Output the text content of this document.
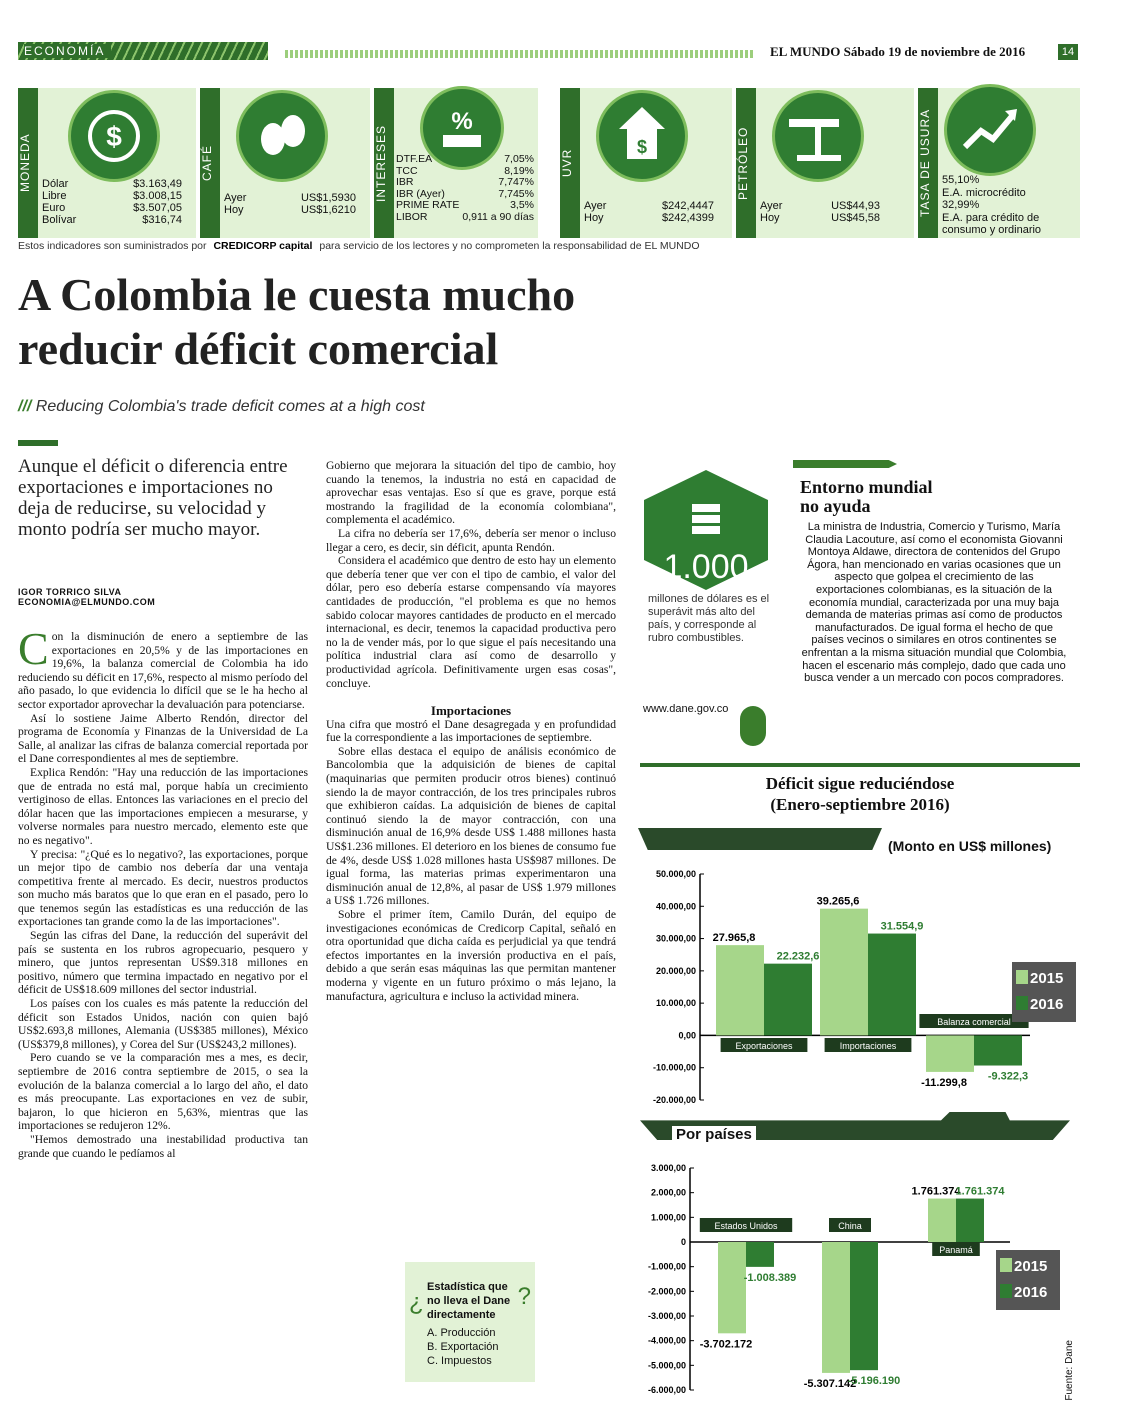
ECONOMÍA	EL MUNDO Sábado 19 de noviembre de 2016	14
MONEDA	$
Dólar	$3.163,49
Libre	$3.008,15
Euro	$3.507,05
Bolívar	$316,74
CAFÉ
Ayer	US$1,5930
Hoy	US$1,6210
INTERESES
%
DTF.EA	7,05%
TCC	8,19%
IBR	7,747%
IBR (Ayer)	7,745%
PRIME RATE	3,5%
LIBOR	0,911 a 90 días
UVR
$
Ayer	$242,4447
Hoy	$242,4399
PETRÓLEO
Ayer	US$44,93
Hoy	US$45,58
TASA DE USURA 55,10%
E.A. microcrédito
32,99%
E.A. para crédito de
consumo y ordinario
Estos indicadores son suministrados por CREDICORP capital para servicio de los lectores y no comprometen la responsabilidad de EL MUNDO
A Colombia le cuesta mucho
reducir déficit comercial
/// Reducing Colombia's trade deficit comes at a high cost
Aunque el déficit o diferencia entre exportaciones e importaciones no deja de reducirse, su velocidad y monto podría ser mucho mayor.
IGOR TORRICO SILVA
ECONOMIA@ELMUNDO.COM

Con la disminución de enero a septiembre de las exportaciones en 20,5% y de las importaciones en 19,6%, la balanza comercial de Colombia ha ido reduciendo su déficit en 17,6%, respecto al mismo período del año pasado, lo que evidencia lo difícil que se le ha hecho al sector exportador aprovechar la devaluación para potenciarse.

Así lo sostiene Jaime Alberto Rendón, director del programa de Economía y Finanzas de la Universidad de La Salle, al analizar las cifras de balanza comercial reportada por el Dane correspondientes al mes de septiembre.

Explica Rendón: "Hay una reducción de las importaciones que de entrada no está mal, porque había un crecimiento vertiginoso de ellas. Entonces las variaciones en el precio del dólar hacen que las importaciones empiecen a mesurarse, y volverse normales para nuestro mercado, elemento este que no es negativo".

Y precisa: "¿Qué es lo negativo?, las exportaciones, porque un mejor tipo de cambio nos debería dar una ventaja competitiva frente al mercado. Es decir, nuestros productos son mucho más baratos que lo que eran en el pasado, pero lo que tenemos según las estadísticas es una reducción de las exportaciones tan grande como la de las importaciones".

Según las cifras del Dane, la reducción del superávit del país se sustenta en los rubros agropecuario, pesquero y minero, que juntos representan US$9.318 millones en positivo, número que termina impactado en negativo por el déficit de US$18.609 millones del sector industrial.

Los países con los cuales es más patente la reducción del déficit son Estados Unidos, nación con quien bajó US$2.693,8 millones, Alemania (US$385 millones), México (US$379,8 millones), y Corea del Sur (US$243,2 millones).

Pero cuando se ve la comparación mes a mes, es decir, septiembre de 2016 contra septiembre de 2015, o sea la evolución de la balanza comercial a lo largo del año, el dato es más preocupante. Las exportaciones en vez de subir, bajaron, lo que hicieron en 5,63%, mientras que las importaciones se redujeron 12%.

"Hemos demostrado una inestabilidad productiva tan grande que cuando le pedíamos al

Gobierno que mejorara la situación del tipo de cambio, hoy cuando la tenemos, la industria no está en capacidad de aprovechar esas ventajas. Eso sí que es grave, porque está mostrando la fragilidad de la economía colombiana", complementa el académico.

La cifra no debería ser 17,6%, debería ser menor o incluso llegar a cero, es decir, sin déficit, apunta Rendón.

Considera el académico que dentro de esto hay un elemento que debería tener que ver con el tipo de cambio, el valor del dólar, pero eso debería estarse compensando vía mayores cantidades de producción, "el problema es que no hemos sabido colocar mayores cantidades de producto en el mercado internacional, es decir, tenemos la capacidad productiva pero no la de vender más, por lo que sigue el país necesitando una política industrial clara así como de desarrollo y productividad agrícola. Definitivamente urgen esas cosas", concluye.

Importaciones

Una cifra que mostró el Dane desagregada y en profundidad fue la correspondiente a las importaciones de septiembre.

Sobre ellas destaca el equipo de análisis económico de Bancolombia que la adquisición de bienes de capital (maquinarias que permiten producir otros bienes) continuó siendo la de mayor contracción, de los tres principales rubros que exhibieron caídas. La adquisición de bienes de capital continuó siendo la de mayor contracción, con una disminución anual de 16,9% desde US$ 1.488 millones hasta US$1.236 millones. El deterioro en los bienes de consumo fue de 4%, desde US$ 1.028 millones hasta US$987 millones. De igual forma, las materias primas experimentaron una disminución anual de 12,8%, al pasar de US$ 1.979 millones a US$ 1.726 millones.

Sobre el primer ítem, Camilo Durán, del equipo de investigaciones económicas de Credicorp Capital, señaló en otra oportunidad que dicha caída es perjudicial ya que tendrá efectos importantes en la inversión productiva en el país, debido a que serán esas máquinas las que permitan mantener moderna y vigente en un futuro próximo o más lejano, la manufactura, agricultura e incluso la actividad minera.

¿	?
Estadística que no lleva el Dane directamente
A. Producción
B. Exportación
C. Impuestos
1.000
millones de dólares es el superávit más alto del país, y corresponde al rubro combustibles.
www.dane.gov.co
Entorno mundial
no ayuda
La ministra de Industria, Comercio y Turismo, María Claudia Lacouture, así como el economista Giovanni Montoya Aldawe, directora de contenidos del Grupo Ágora, han mencionado en varias ocasiones que un aspecto que golpea el crecimiento de las exportaciones colombianas, es la situación de la economía mundial, caracterizada por una muy baja demanda de materias primas así como de productos manufacturados. De igual forma el hecho de que países vecinos o similares en otros continentes se enfrentan a la misma situación mundial que Colombia, hacen el escenario más complejo, dado que cada uno busca vender a un mercado con pocos compradores.
Déficit sigue reduciéndose
(Enero-septiembre 2016)
(Monto en US$ millones)
50.000,00
40.000,00
30.000,00
20.000,00
10.000,00
0,00
-10.000,00
-20.000,00
27.965,8
22.232,6
Exportaciones
39.265,6
31.554,9
Importaciones
-11.299,8
-9.322,3
Balanza comercial
2015
2016
Por países
3.000,00
2.000,00
1.000,00
0
-1.000,00
-2.000,00
-3.000,00
-4.000,00
-5.000,00
-6.000,00
-3.702.172
-1.008.389
Estados Unidos
-5.307.142
-5.196.190
China
1.761.374
1.761.374
Panamá
2015
2016
Fuente: Dane
